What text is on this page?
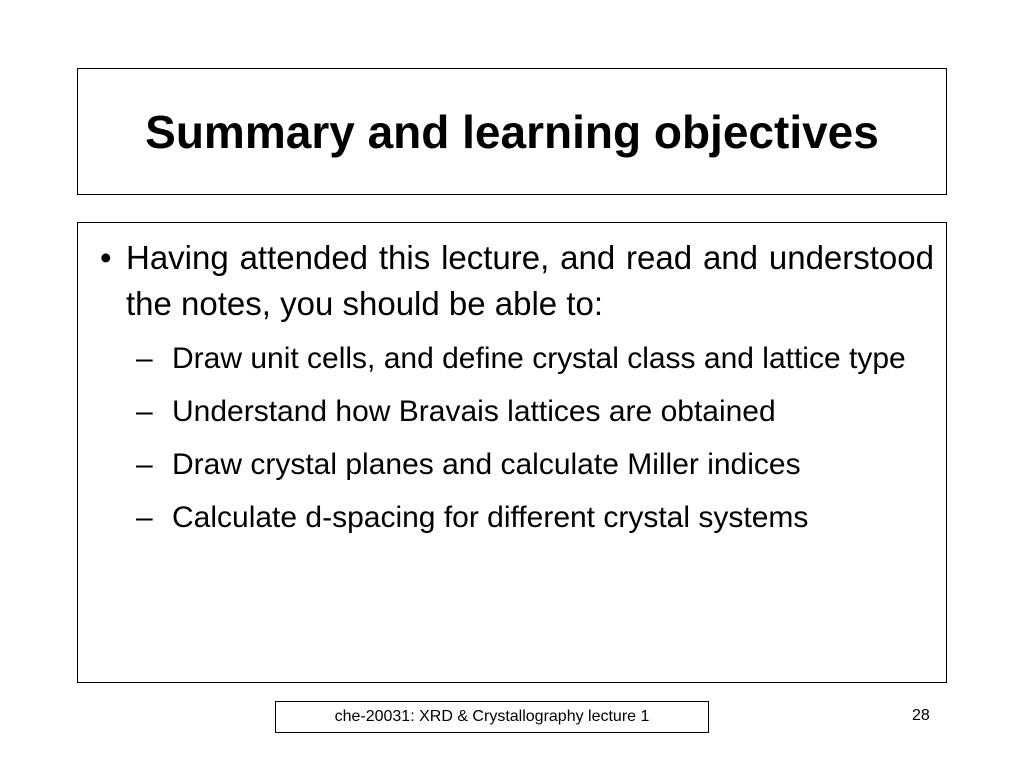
Summary and learning objectives
• Having attended this lecture, and read and understood the notes, you should be able to:
– Draw unit cells, and define crystal class and lattice type
– Understand how Bravais lattices are obtained
– Draw crystal planes and calculate Miller indices
– Calculate d-spacing for different crystal systems
che-20031: XRD & Crystallography lecture 1	28
